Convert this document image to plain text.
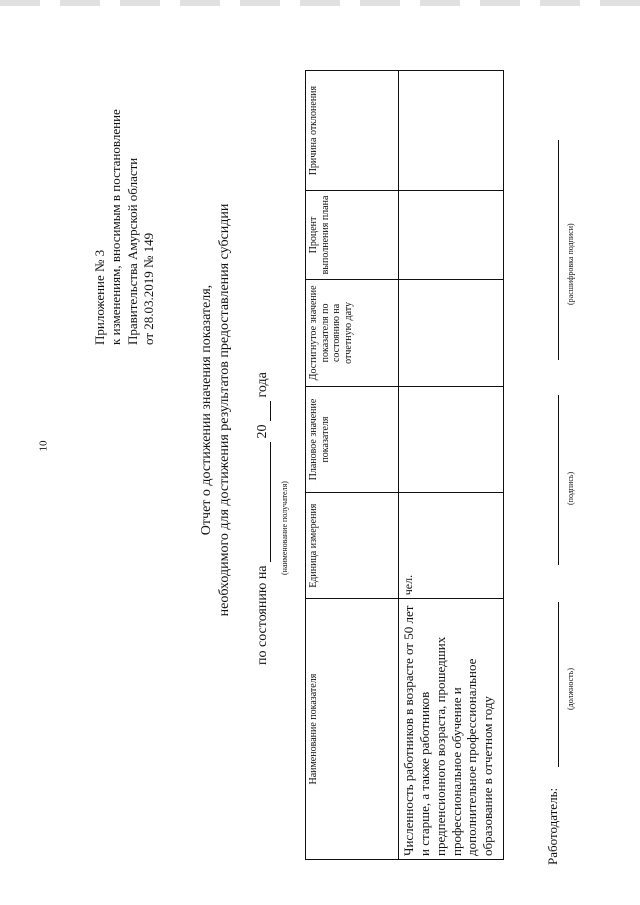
10
Приложение № 3 к изменениям, вносимым в постановление Правительства Амурской области от 28.03.2019 № 149	Отчет о достижении значения показателя, необходимого для достижения результатов предоставления субсидии по состоянию на  20  года
(наименование получателя)
Наименование показателя	Единица измерения	Плановое значение показателя	Достигнутое значение показателя по состоянию на отчетную дату	Процент выполнения плана	Причина отклонения
Численность работников в возрасте от 50 лет и старше, а также работников предпенсионного возраста, прошедших профессиональное обучение и дополнительное профессиональное образование в отчетном году	чел.				
Работодатель:
(должность)
(подпись)
(расшифровка подписи)
